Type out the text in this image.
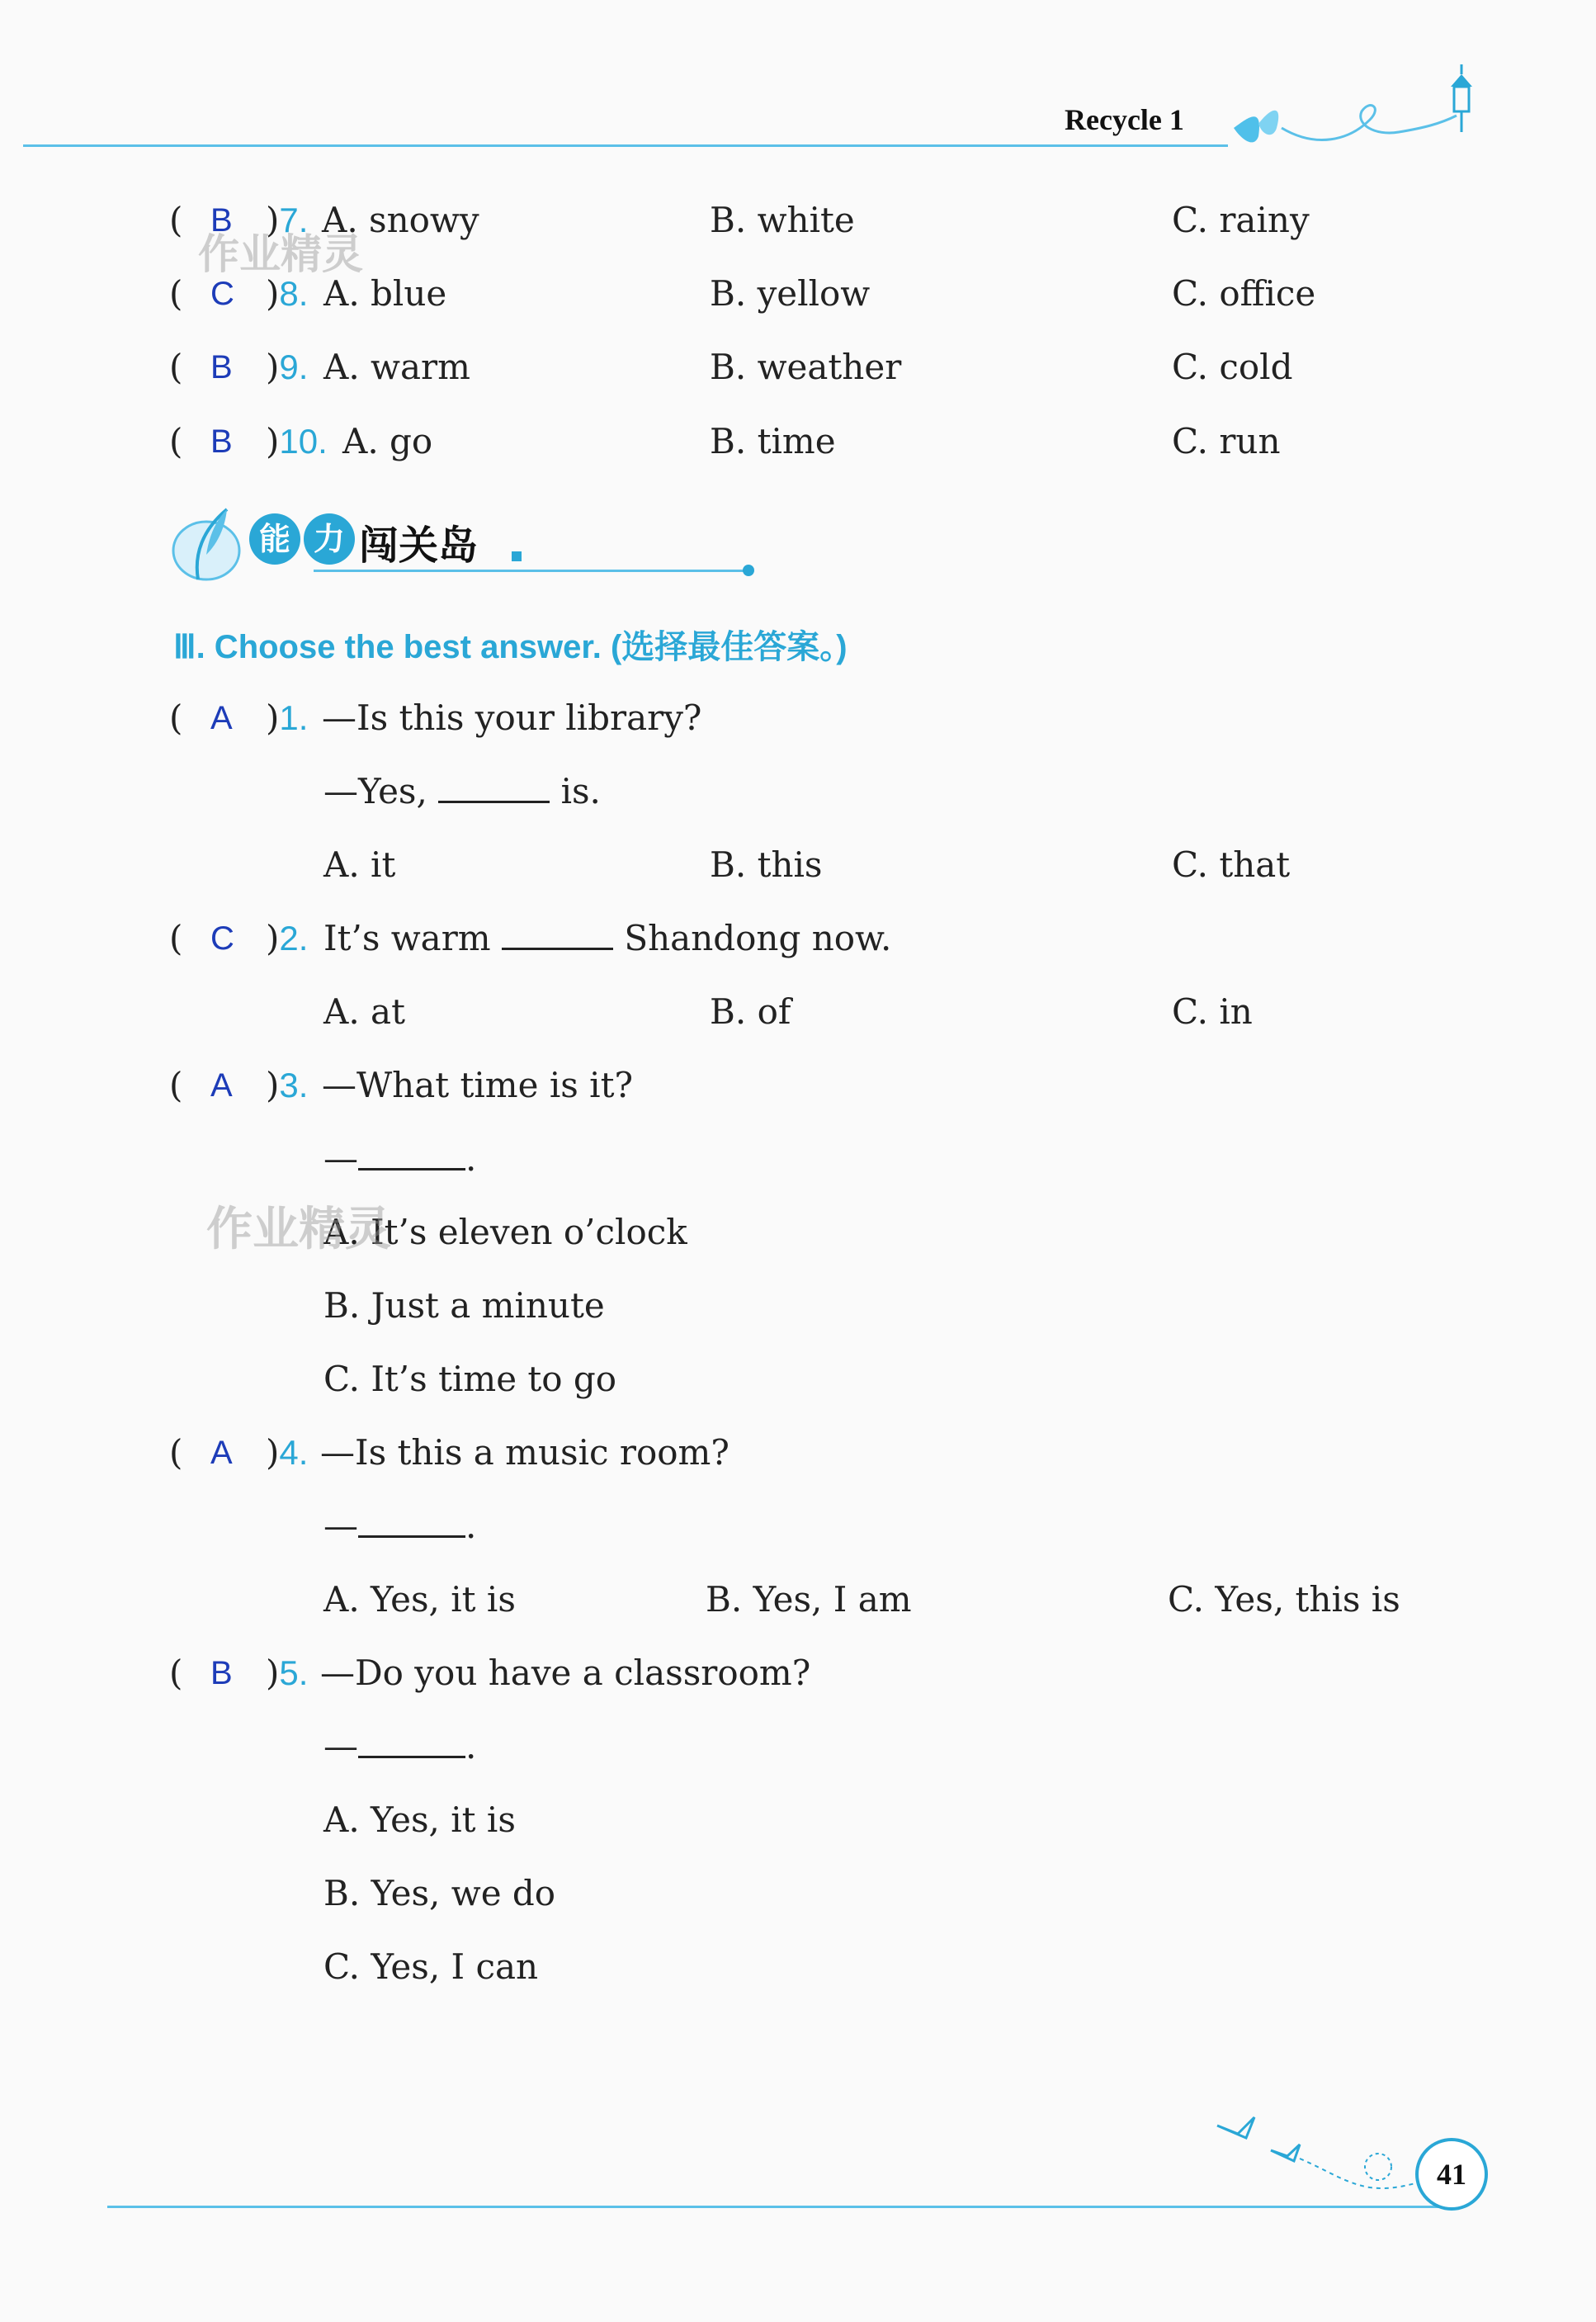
Recycle 1
( B )7. A. snowy	B. white	C. rainy
( C )8. A. blue	B. yellow	C. office
( B )9. A. warm	B. weather	C. cold
( B )10. A. go	B. time	C. run
能 力 闯关岛
Ⅲ. Choose the best answer. (选择最佳答案。)
( A )1. —Is this your library?
—Yes,	is.
A. it	B. this	C. that
( C )2. It’s warm	Shandong now.
A. at	B. of	C. in
( A )3. —What time is it?
—	.
A. It’s eleven o’clock
B. Just a minute
C. It’s time to go
( A )4. —Is this a music room?
—	.
A. Yes, it is	B. Yes, I am	C. Yes, this is
( B )5. —Do you have a classroom?
—	.
A. Yes, it is
B. Yes, we do
C. Yes, I can
作业精灵
作业精灵
41
